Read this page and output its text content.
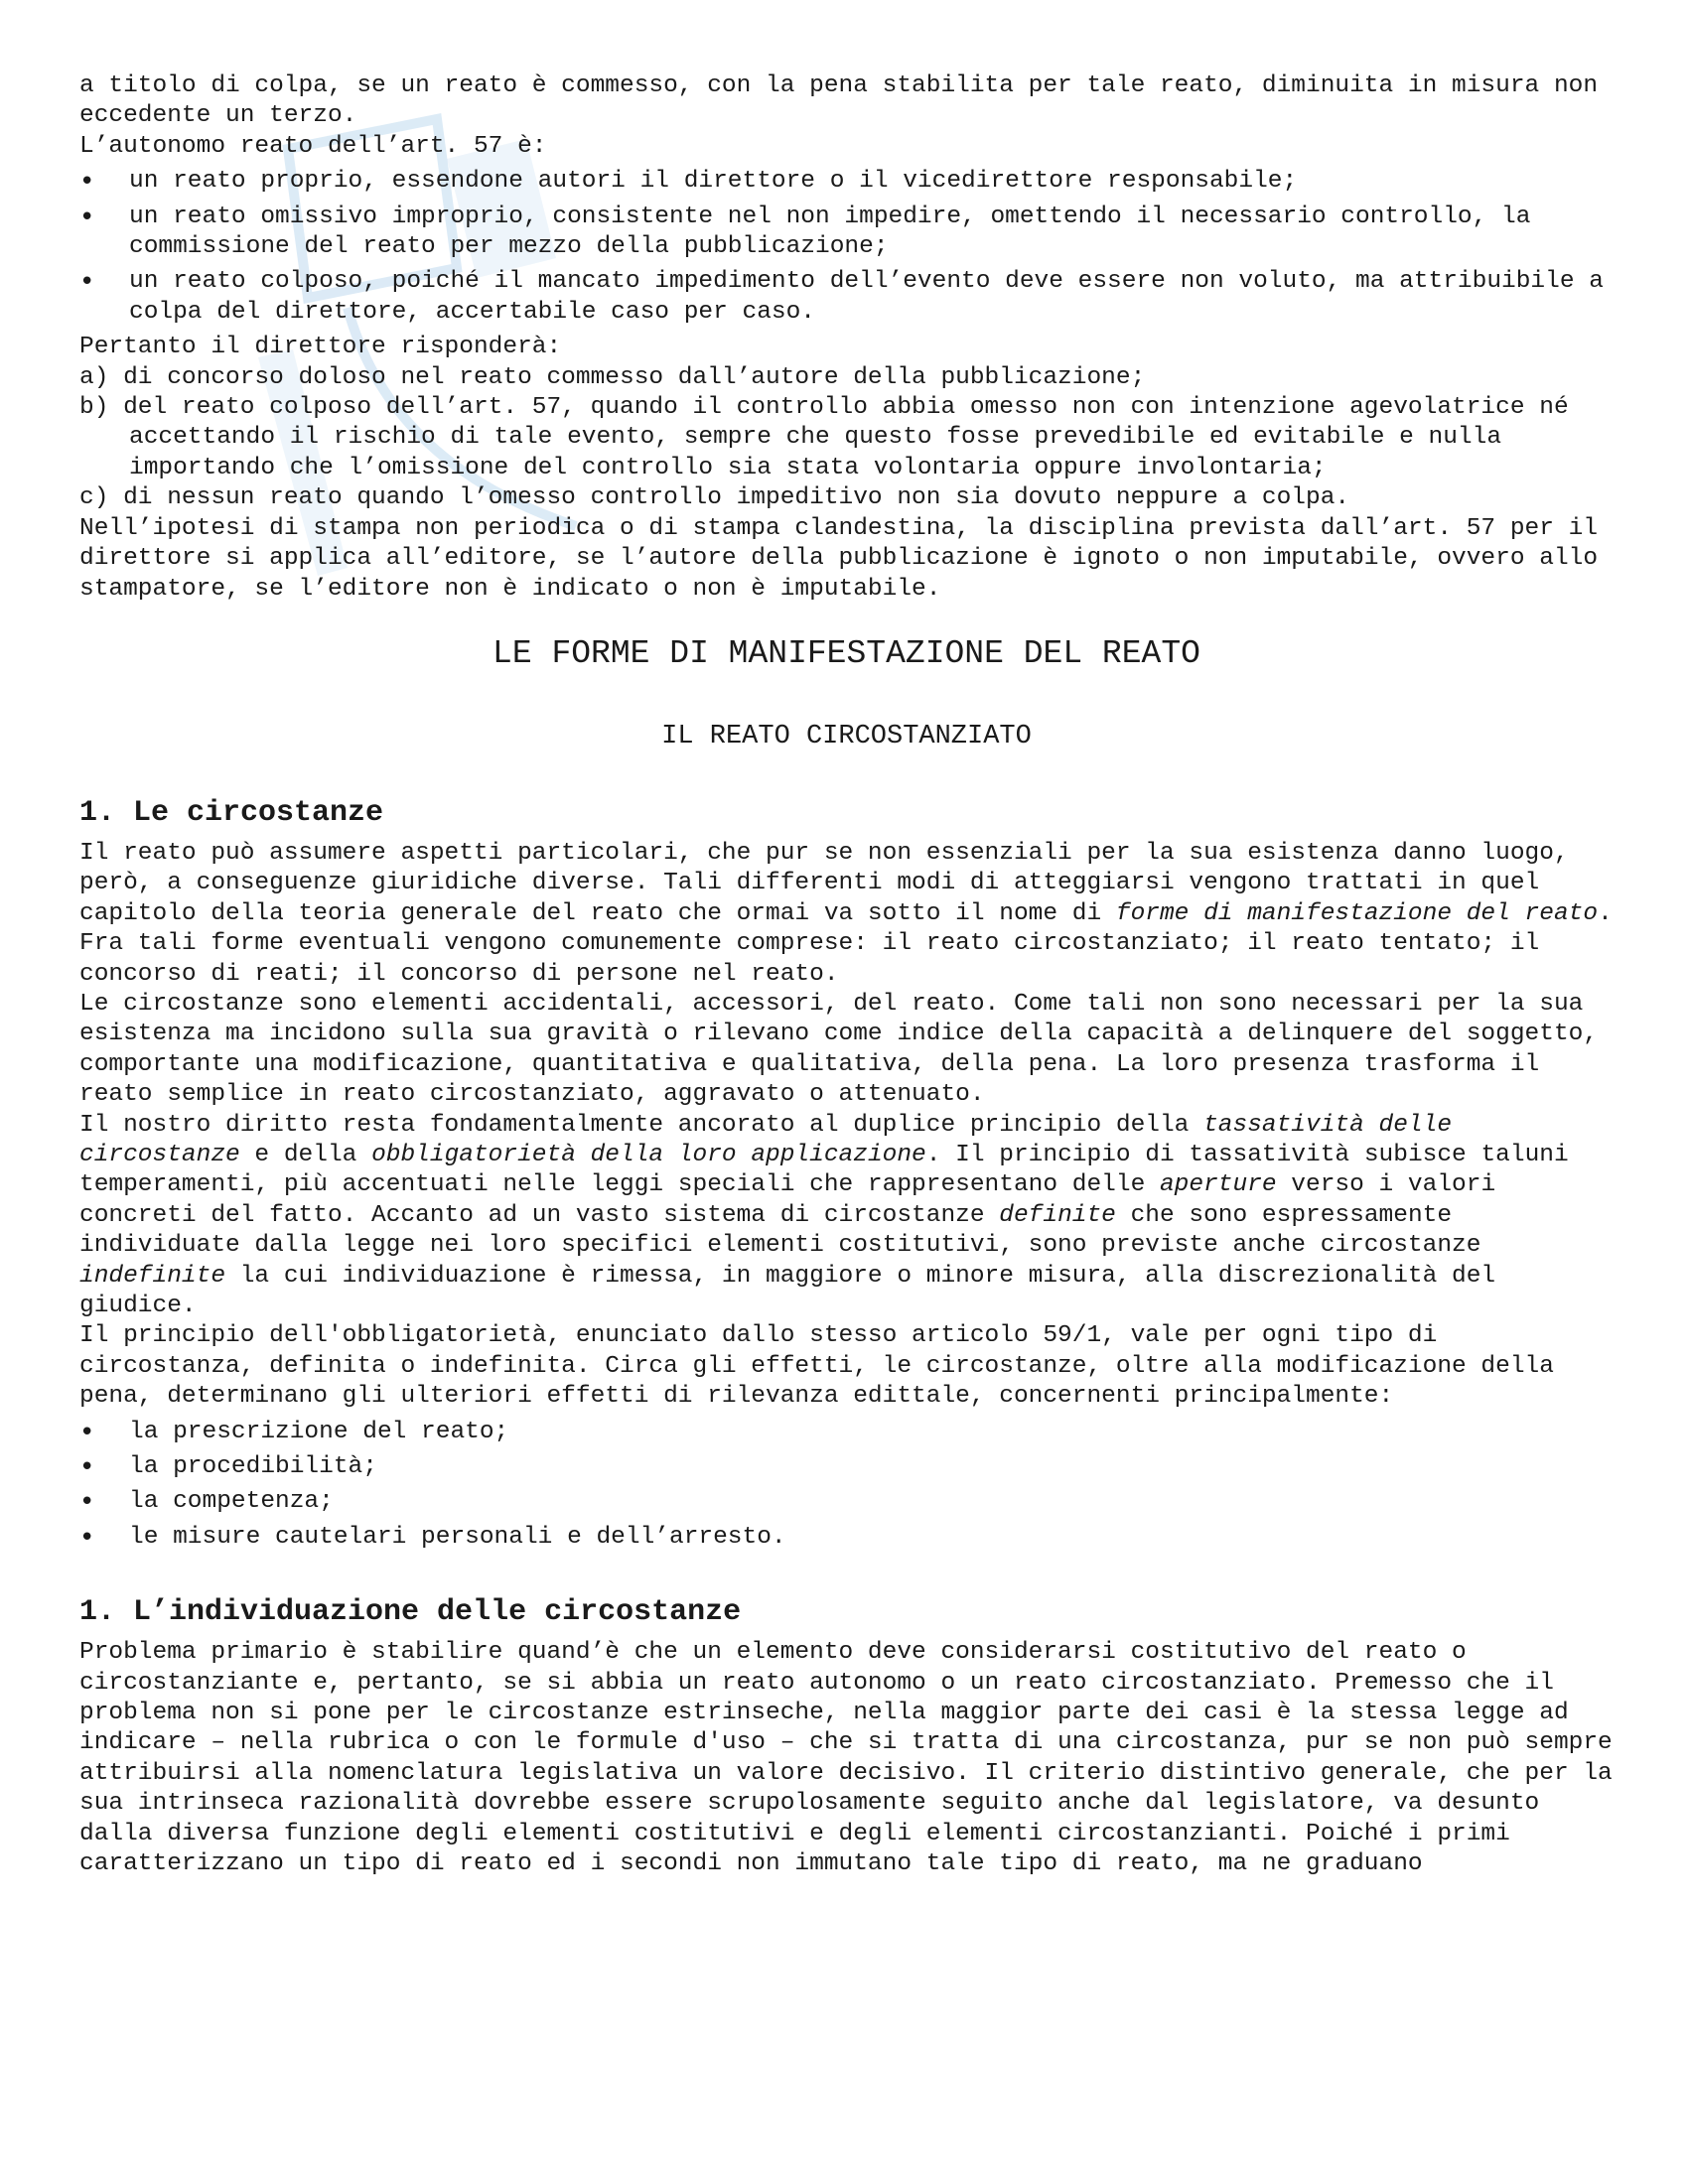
a titolo di colpa, se un reato è commesso, con la pena stabilita per tale reato, diminuita in misura non eccedente un terzo.

L’autonomo reato dell’art. 57 è:

• un reato proprio, essendone autori il direttore o il vicedirettore responsabile;
• un reato omissivo improprio, consistente nel non impedire, omettendo il necessario controllo, la commissione del reato per mezzo della pubblicazione;
• un reato colposo, poiché il mancato impedimento dell’evento deve essere non voluto, ma attribuibile a colpa del direttore, accertabile caso per caso.

Pertanto il direttore risponderà:

a) di concorso doloso nel reato commesso dall’autore della pubblicazione;
b) del reato colposo dell’art. 57, quando il controllo abbia omesso non con intenzione agevolatrice né accettando il rischio di tale evento, sempre che questo fosse prevedibile ed evitabile e nulla importando che l’omissione del controllo sia stata volontaria oppure involontaria;
c) di nessun reato quando l’omesso controllo impeditivo non sia dovuto neppure a colpa.

Nell’ipotesi di stampa non periodica o di stampa clandestina, la disciplina prevista dall’art. 57 per il direttore si applica all’editore, se l’autore della pubblicazione è ignoto o non imputabile, ovvero allo stampatore, se l’editore non è indicato o non è imputabile.

LE FORME DI MANIFESTAZIONE DEL REATO
IL REATO CIRCOSTANZIATO
1. Le circostanze

Il reato può assumere aspetti particolari, che pur se non essenziali per la sua esistenza danno luogo, però, a conseguenze giuridiche diverse. Tali differenti modi di atteggiarsi vengono trattati in quel capitolo della teoria generale del reato che ormai va sotto il nome di forme di manifestazione del reato. Fra tali forme eventuali vengono comunemente comprese: il reato circostanziato; il reato tentato; il concorso di reati; il concorso di persone nel reato.

Le circostanze sono elementi accidentali, accessori, del reato. Come tali non sono necessari per la sua esistenza ma incidono sulla sua gravità o rilevano come indice della capacità a delinquere del soggetto, comportante una modificazione, quantitativa e qualitativa, della pena. La loro presenza trasforma il reato semplice in reato circostanziato, aggravato o attenuato.

Il nostro diritto resta fondamentalmente ancorato al duplice principio della tassatività delle circostanze e della obbligatorietà della loro applicazione. Il principio di tassatività subisce taluni temperamenti, più accentuati nelle leggi speciali che rappresentano delle aperture verso i valori concreti del fatto. Accanto ad un vasto sistema di circostanze definite che sono espressamente individuate dalla legge nei loro specifici elementi costitutivi, sono previste anche circostanze indefinite la cui individuazione è rimessa, in maggiore o minore misura, alla discrezionalità del giudice.

Il principio dell'obbligatorietà, enunciato dallo stesso articolo 59/1, vale per ogni tipo di circostanza, definita o indefinita. Circa gli effetti, le circostanze, oltre alla modificazione della pena, determinano gli ulteriori effetti di rilevanza edittale, concernenti principalmente:

• la prescrizione del reato;
• la procedibilità;
• la competenza;
• le misure cautelari personali e dell’arresto.
1. L’individuazione delle circostanze

Problema primario è stabilire quand’è che un elemento deve considerarsi costitutivo del reato o circostanziante e, pertanto, se si abbia un reato autonomo o un reato circostanziato. Premesso che il problema non si pone per le circostanze estrinseche, nella maggior parte dei casi è la stessa legge ad indicare – nella rubrica o con le formule d'uso – che si tratta di una circostanza, pur se non può sempre attribuirsi alla nomenclatura legislativa un valore decisivo. Il criterio distintivo generale, che per la sua intrinseca razionalità dovrebbe essere scrupolosamente seguito anche dal legislatore, va desunto dalla diversa funzione degli elementi costitutivi e degli elementi circostanzianti. Poiché i primi caratterizzano un tipo di reato ed i secondi non immutano tale tipo di reato, ma ne graduano
